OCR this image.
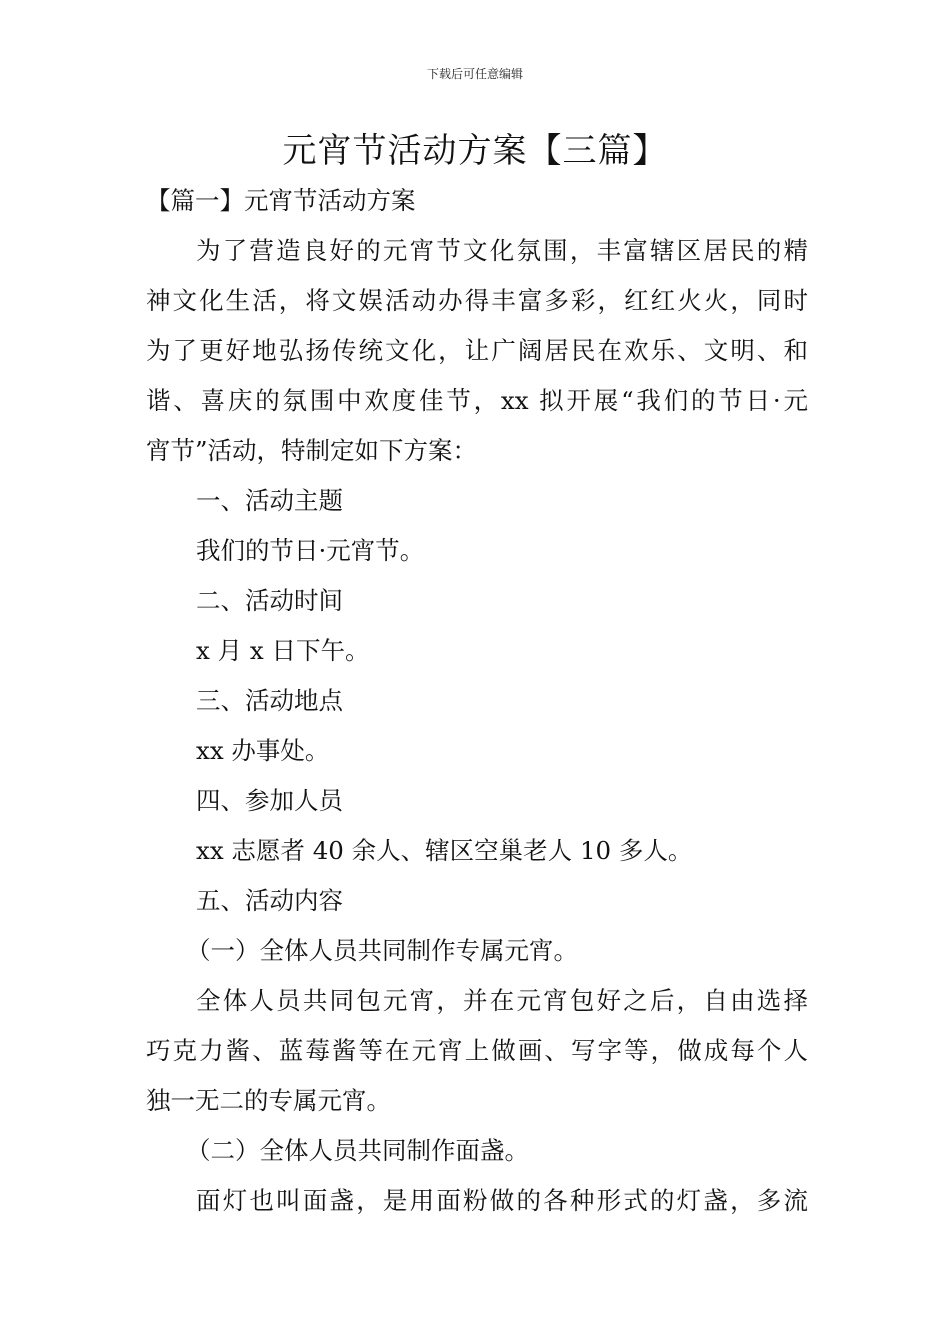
下载后可任意编辑
元宵节活动方案【三篇】

【篇一】元宵节活动方案

为了营造良好的元宵节文化氛围，丰富辖区居民的精

神文化生活，将文娱活动办得丰富多彩，红红火火，同时

为了更好地弘扬传统文化，让广阔居民在欢乐、文明、和

谐、喜庆的氛围中欢度佳节，xx 拟开展“我们的节日·元

宵节”活动，特制定如下方案：

一、活动主题

我们的节日·元宵节。

二、活动时间

x 月 x 日下午。

三、活动地点

xx 办事处。

四、参加人员

xx 志愿者 40 余人、辖区空巢老人 10 多人。

五、活动内容

（一）全体人员共同制作专属元宵。

全体人员共同包元宵，并在元宵包好之后，自由选择

巧克力酱、蓝莓酱等在元宵上做画、写字等，做成每个人

独一无二的专属元宵。

（二）全体人员共同制作面盏。

面灯也叫面盏，是用面粉做的各种形式的灯盏，多流
